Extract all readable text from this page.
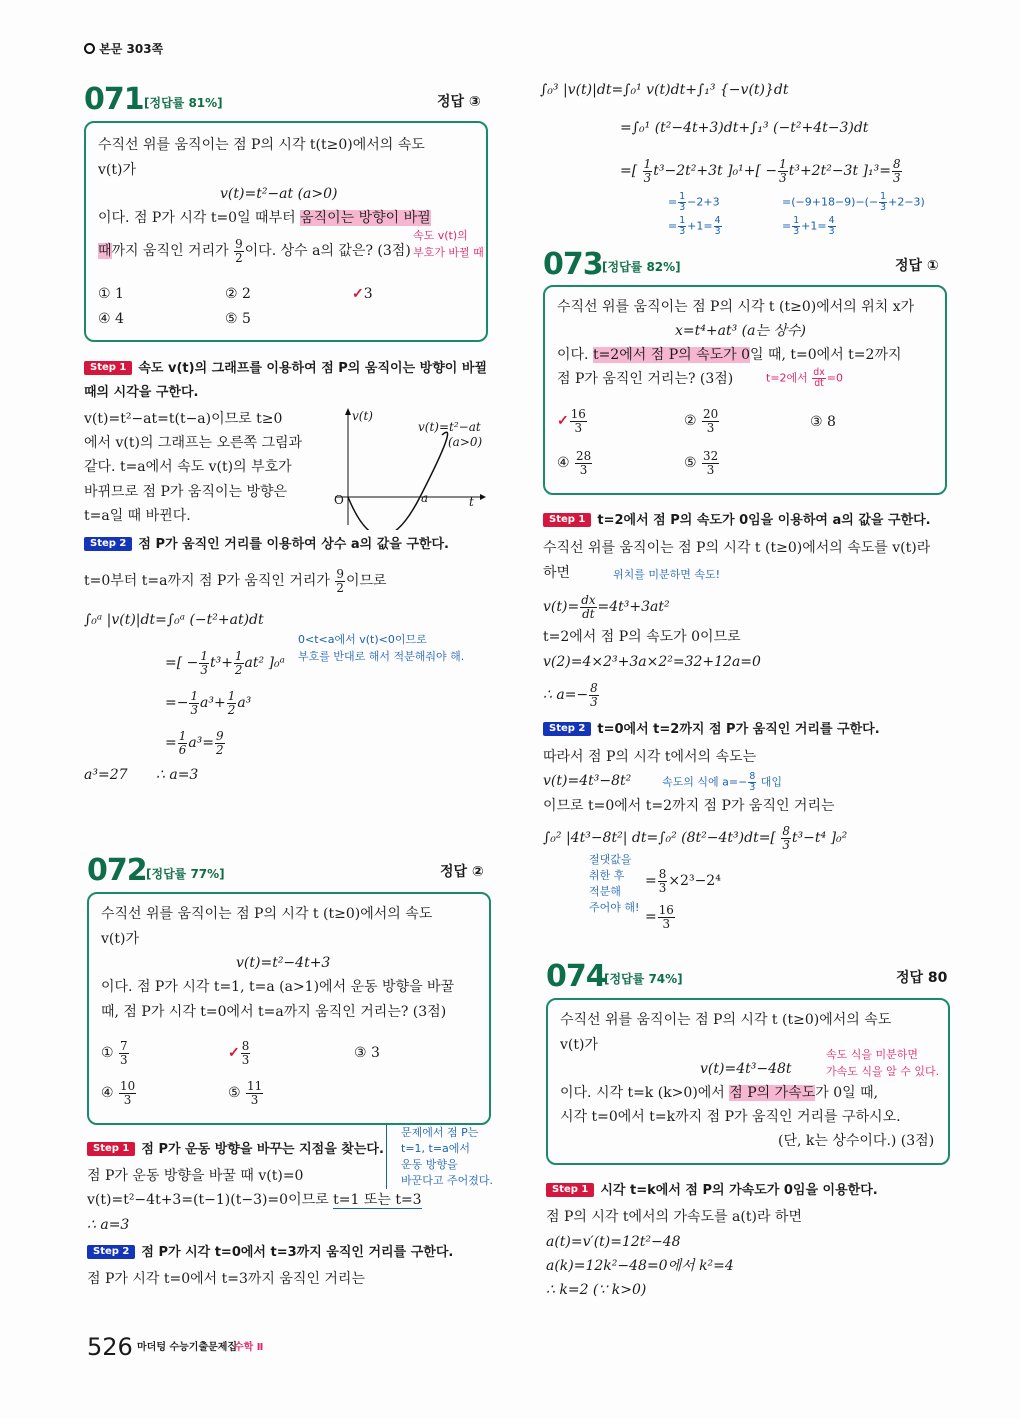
본문 303쪽
071 [정답률 81%]	정답 ③
수직선 위를 움직이는 점 P의 시각 t(t≥0)에서의 속도
v(t)가
v(t)=t²−at (a>0)
이다. 점 P가 시각 t=0일 때부터 움직이는 방향이 바뀔
때까지 움직인 거리가 $\frac{9}{2}$ 이다. 상수 a의 값은? (3점)
속도 v(t)의
부호가 바뀔 때
① 1	② 2	✓3
④ 4	⑤ 5
Step 1 속도 v(t)의 그래프를 이용하여 점 P의 움직이는 방향이 바뀔
때의 시각을 구한다.
v(t)=t²−at=t(t−a)이므로 t≥0
에서 v(t)의 그래프는 오른쪽 그림과
같다. t=a에서 속도 v(t)의 부호가
바뀌므로 점 P가 움직이는 방향은
t=a일 때 바뀐다.
v(t)
v(t)=t²−at
(a>0)
O	a	t
Step 2 점 P가 움직인 거리를 이용하여 상수 a의 값을 구한다.
t=0부터 t=a까지 점 P가 움직인 거리가 $\frac{9}{2}$ 이므로
∫₀ᵃ |v(t)|dt=∫₀ᵃ (−t²+at)dt
=[ − $\frac{1}{3} t^3+ \frac{1}{2} at^2$ ]₀ᵃ
=− $\frac{1}{3} a^3+ \frac{1}{2} a^3$
= $\frac{1}{6} a^3= \frac{9}{2}$
a³=27 ∴ a=3
0<t<a에서 v(t)<0이므로
부호를 반대로 해서 적분해줘야 해.
072 [정답률 77%]	정답 ②
수직선 위를 움직이는 점 P의 시각 t (t≥0)에서의 속도
v(t)가
v(t)=t²−4t+3
이다. 점 P가 시각 t=1, t=a (a>1)에서 운동 방향을 바꿀
때, 점 P가 시각 t=0에서 t=a까지 움직인 거리는? (3점)
① $\frac{7}{3}$	✓ $\frac{8}{3}$	③ 3
④ $\frac{10}{3}$	⑤ $\frac{11}{3}$
Step 1 점 P가 운동 방향을 바꾸는 지점을 찾는다.
점 P가 운동 방향을 바꿀 때 v(t)=0
v(t)=t²−4t+3=(t−1)(t−3)=0이므로 t=1 또는 t=3
∴ a=3
문제에서 점 P는
t=1, t=a에서
운동 방향을
바꾼다고 주어졌다.
Step 2 점 P가 시각 t=0에서 t=3까지 움직인 거리를 구한다.
점 P가 시각 t=0에서 t=3까지 움직인 거리는
526 마더텅 수능기출문제집
수학 Ⅱ
∫₀³ |v(t)|dt=∫₀¹ v(t)dt+∫₁³ {−v(t)}dt
=∫₀¹ (t²−4t+3)dt+∫₁³ (−t²+4t−3)dt
=[ $\frac{1}{3} t^3-2t^2+3t$ ]$_0^1+[ - \frac{1}{3} t^3+2t^2-3t$ ]$_1^3= \frac{8}{3}$
= $\frac{1}{3} -2+3$
= $\frac{1}{3} +1= \frac{4}{3}$
$=(-9+18-9)-(- \frac{1}{3} +2-3)$
= $\frac{1}{3} +1= \frac{4}{3}$
073 [정답률 82%]	정답 ①
수직선 위를 움직이는 점 P의 시각 t (t≥0)에서의 위치 x가
x=t⁴+at³ (a는 상수)
이다. t=2에서 점 P의 속도가 0일 때, t=0에서 t=2까지
점 P가 움직인 거리는? (3점)	t=2에서 $\frac{dx}{dt} =0$
✓ $\frac{16}{3}$	② $\frac{20}{3}$	③ 8
④ $\frac{28}{3}$	⑤ $\frac{32}{3}$
Step 1 t=2에서 점 P의 속도가 0임을 이용하여 a의 값을 구한다.
수직선 위를 움직이는 점 P의 시각 t (t≥0)에서의 속도를 v(t)라
하면	위치를 미분하면 속도!
$v(t)= \frac{dx}{dt} =4t^3+3at^2$
t=2에서 점 P의 속도가 0이므로
v(2)=4×2³+3a×2²=32+12a=0
∴ $a=- \frac{8}{3}$
Step 2 t=0에서 t=2까지 점 P가 움직인 거리를 구한다.
따라서 점 P의 시각 t에서의 속도는
v(t)=4t³−8t²	속도의 식에 $a=- \frac{8}{3}$ 대입
이므로 t=0에서 t=2까지 점 P가 움직인 거리는
∫₀² |4t³−8t²| dt=∫₀² $(8t^2-4t^3)dt=[ \frac{8}{3} t^3-t^4$ ]₀²
절댓값을
취한 후
적분해
주어야 해!
= $\frac{8}{3} \times 2^3-2^4$
= $\frac{16}{3}$
074
[정답률 74%]	정답 80
수직선 위를 움직이는 점 P의 시각 t (t≥0)에서의 속도
v(t)가
v(t)=4t³−48t
이다. 시각 t=k (k>0)에서 점 P의 가속도가 0일 때,
시각 t=0에서 t=k까지 점 P가 움직인 거리를 구하시오.
(단, k는 상수이다.) (3점)
속도 식을 미분하면
가속도 식을 알 수 있다.
Step 1 시각 t=k에서 점 P의 가속도가 0임을 이용한다.
점 P의 시각 t에서의 가속도를 a(t)라 하면
a(t)=v′(t)=12t²−48
a(k)=12k²−48=0에서 k²=4
∴ k=2 (∵ k>0)
